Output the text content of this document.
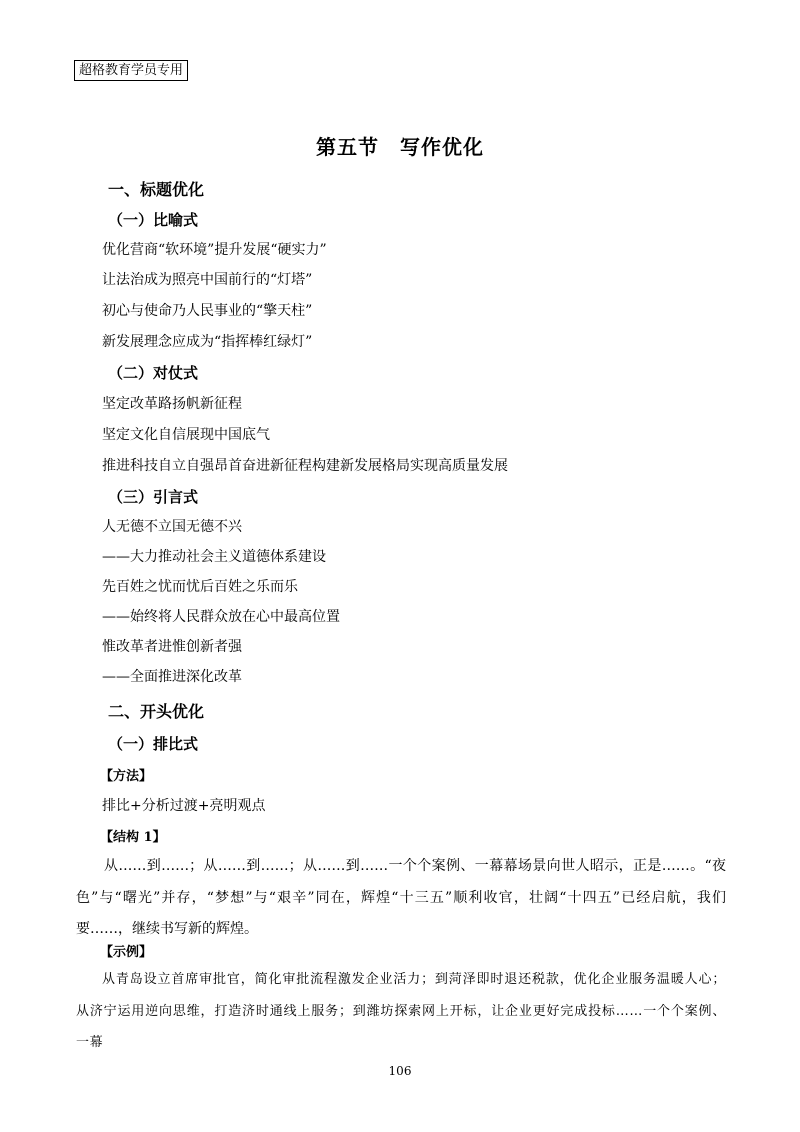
超格教育学员专用
第五节　写作优化
一、标题优化
（一）比喻式
优化营商“软环境”提升发展“硬实力”
让法治成为照亮中国前行的“灯塔”
初心与使命乃人民事业的“擎天柱”
新发展理念应成为“指挥棒红绿灯”
（二）对仗式
坚定改革路扬帆新征程
坚定文化自信展现中国底气
推进科技自立自强昂首奋进新征程构建新发展格局实现高质量发展
（三）引言式
人无德不立国无德不兴
——大力推动社会主义道德体系建设
先百姓之忧而忧后百姓之乐而乐
——始终将人民群众放在心中最高位置
惟改革者进惟创新者强
——全面推进深化改革
二、开头优化
（一）排比式
【方法】
排比+分析过渡+亮明观点
【结构 1】
从……到……；从……到……；从……到……一个个案例、一幕幕场景向世人昭示，正是……。“夜色”与“曙光”并存，“梦想”与“艰辛”同在，辉煌“十三五”顺利收官，壮阔“十四五”已经启航，我们要……，继续书写新的辉煌。
【示例】
从青岛设立首席审批官，简化审批流程激发企业活力；到菏泽即时退还税款，优化企业服务温暖人心；从济宁运用逆向思维，打造济时通线上服务；到潍坊探索网上开标，让企业更好完成投标……一个个案例、一幕
106
